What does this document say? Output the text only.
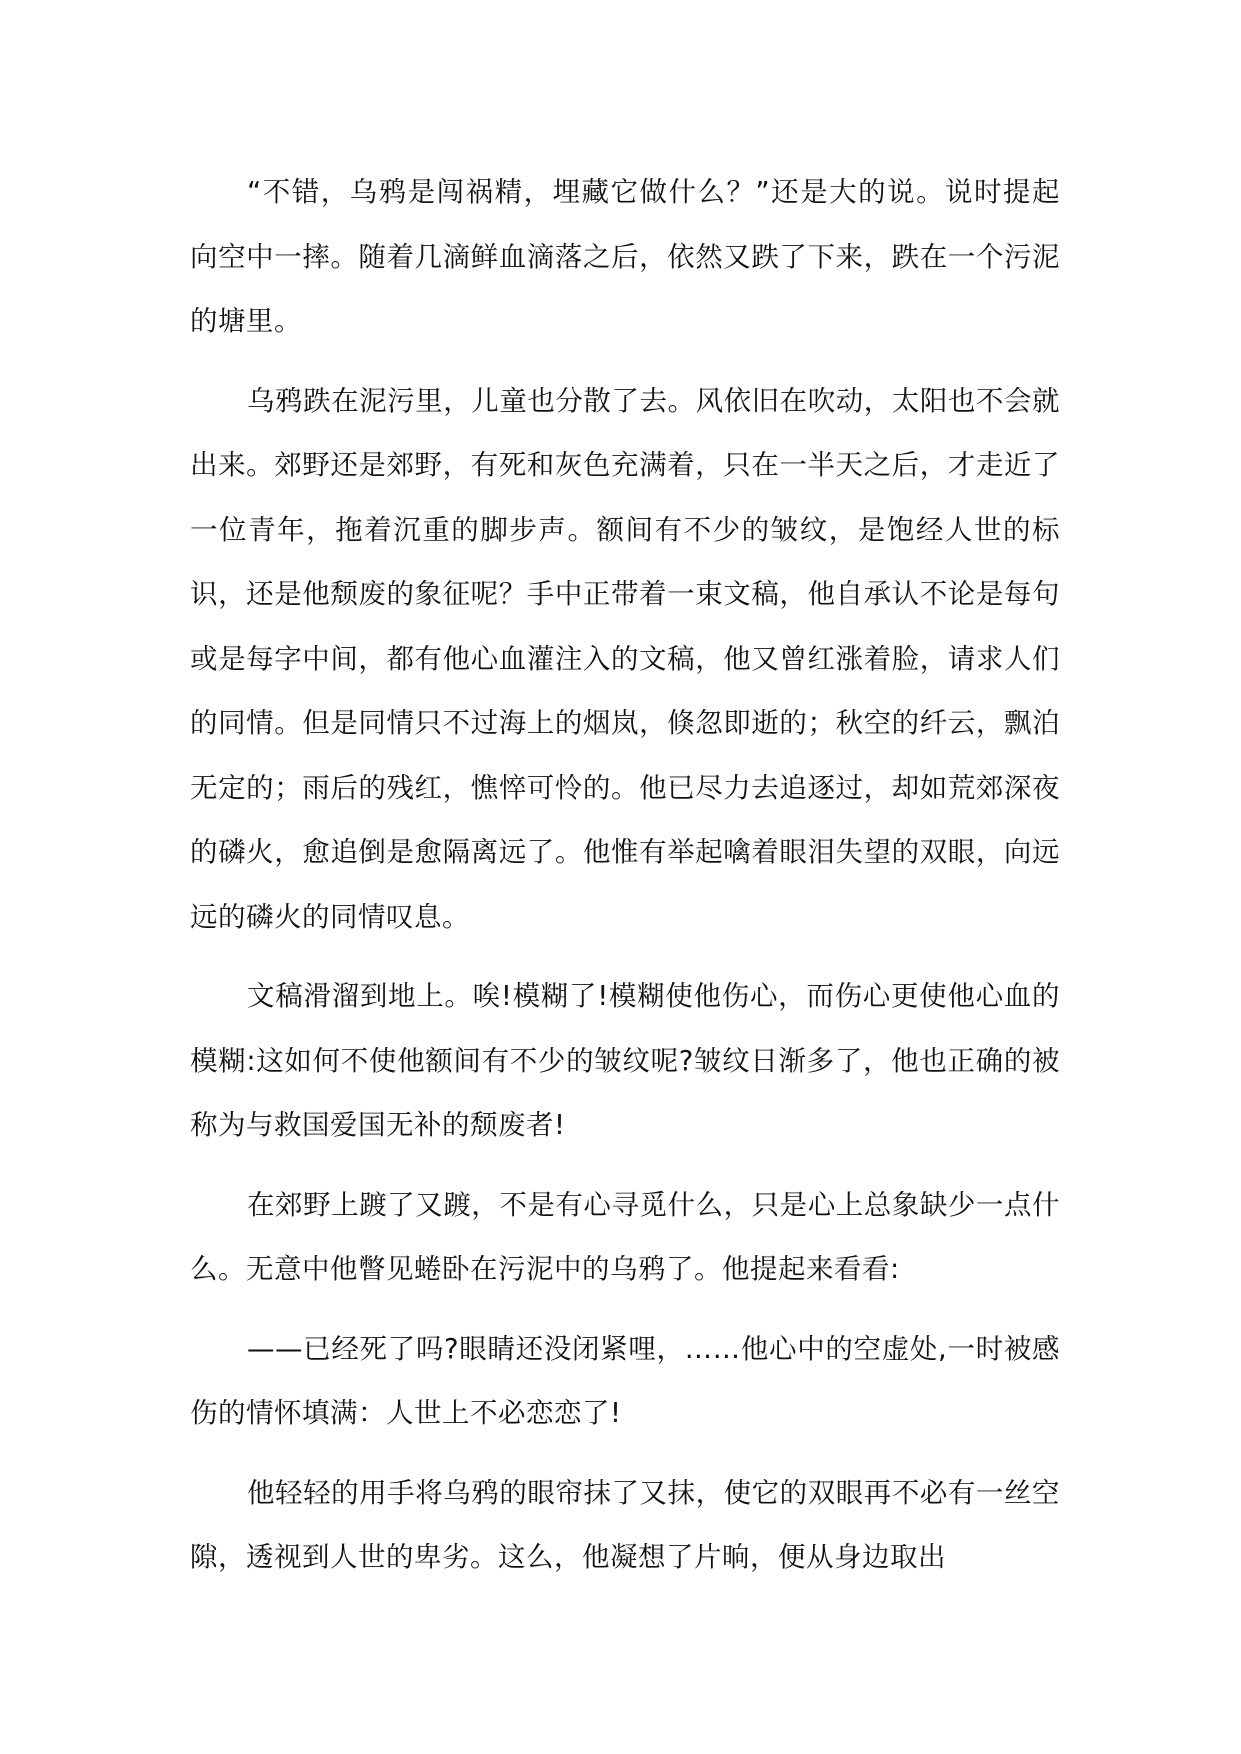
“不错，乌鸦是闯祸精，埋藏它做什么？”还是大的说。说时提起向空中一摔。随着几滴鲜血滴落之后，依然又跌了下来，跌在一个污泥的塘里。

乌鸦跌在泥污里，儿童也分散了去。风依旧在吹动，太阳也不会就出来。郊野还是郊野，有死和灰色充满着，只在一半天之后，才走近了一位青年，拖着沉重的脚步声。额间有不少的皱纹，是饱经人世的标识，还是他颓废的象征呢？手中正带着一束文稿，他自承认不论是每句或是每字中间，都有他心血灌注入的文稿，他又曾红涨着脸，请求人们的同情。但是同情只不过海上的烟岚，倏忽即逝的；秋空的纤云，飘泊无定的；雨后的残红，憔悴可怜的。他已尽力去追逐过，却如荒郊深夜的磷火，愈追倒是愈隔离远了。他惟有举起噙着眼泪失望的双眼，向远远的磷火的同情叹息。

文稿滑溜到地上。唉!模糊了!模糊使他伤心，而伤心更使他心血的模糊:这如何不使他额间有不少的皱纹呢?皱纹日渐多了，他也正确的被称为与救国爱国无补的颓废者!

在郊野上踱了又踱，不是有心寻觅什么，只是心上总象缺少一点什么。无意中他瞥见蜷卧在污泥中的乌鸦了。他提起来看看:

——已经死了吗?眼睛还没闭紧哩，……他心中的空虚处,一时被感伤的情怀填满：人世上不必恋恋了!

他轻轻的用手将乌鸦的眼帘抹了又抹，使它的双眼再不必有一丝空隙，透视到人世的卑劣。这么，他凝想了片晌，便从身边取出
